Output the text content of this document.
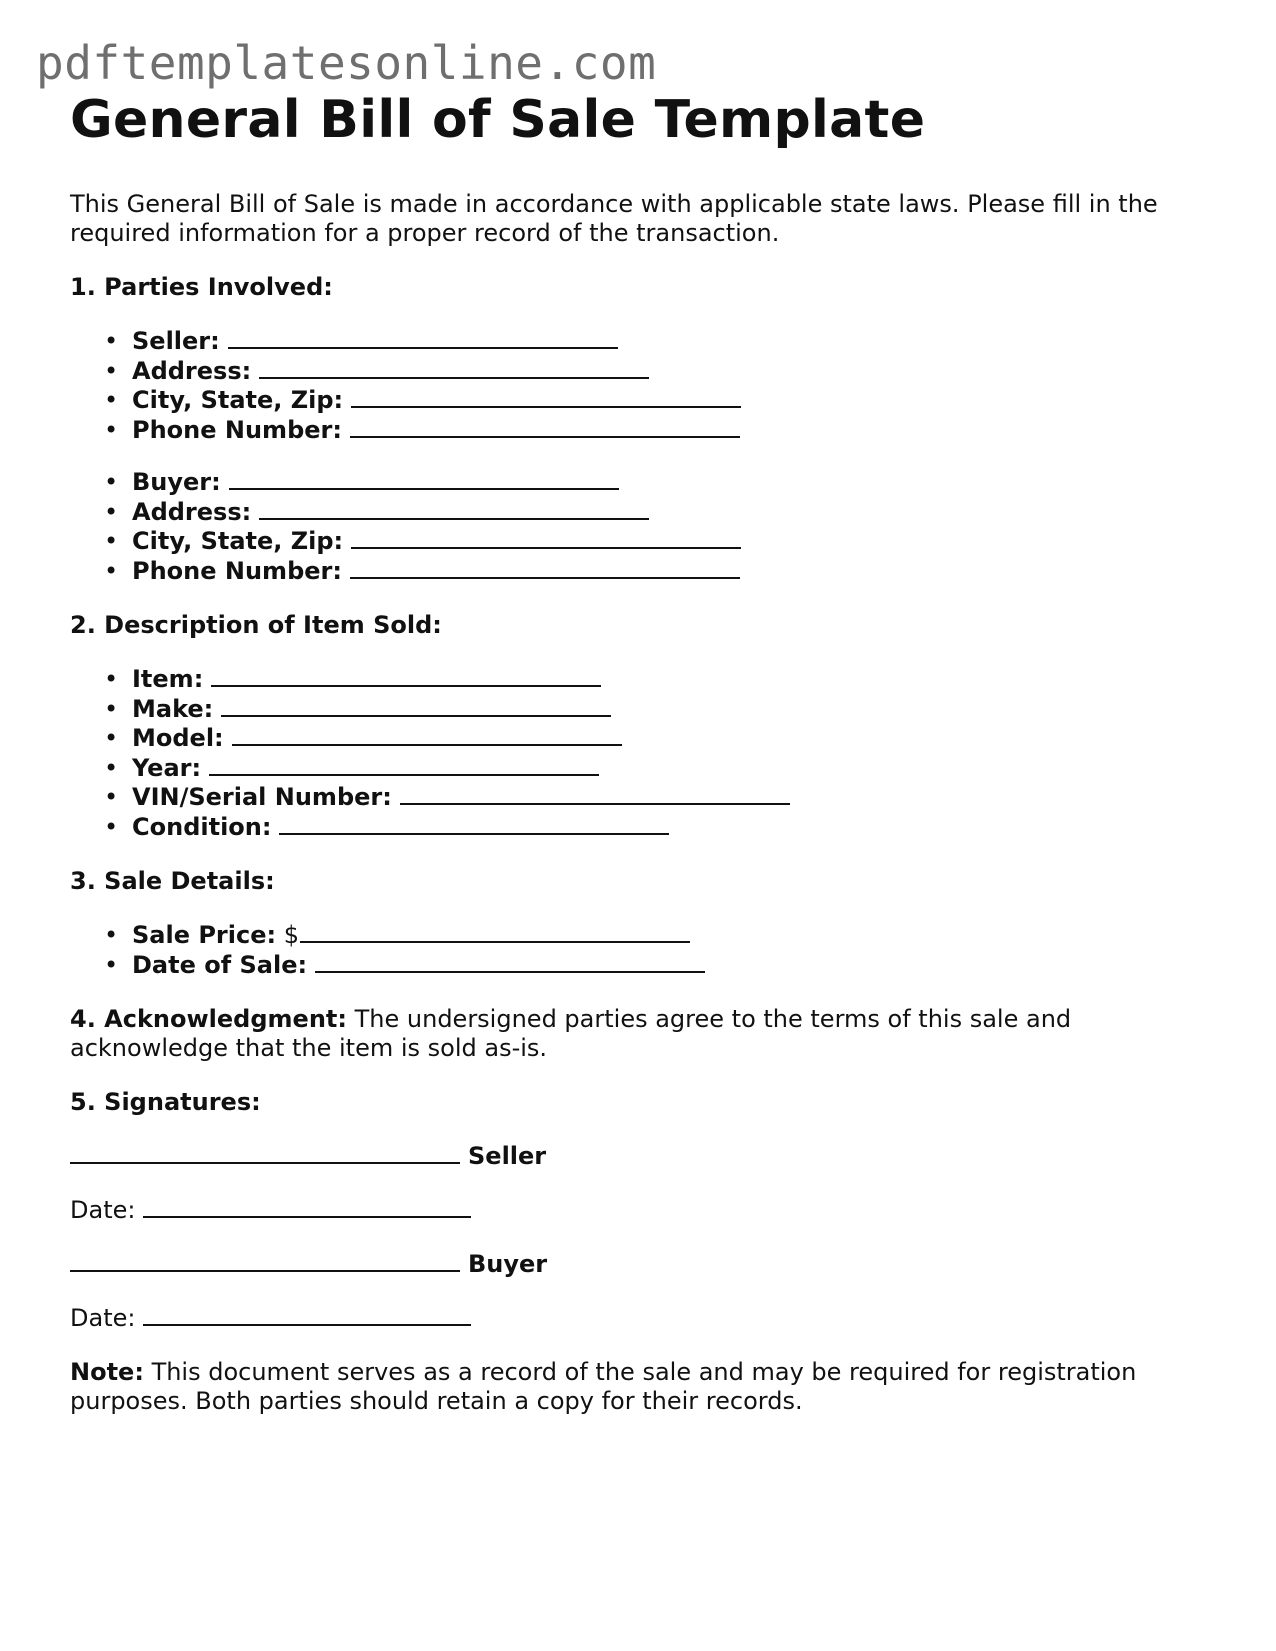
pdftemplatesonline.com
General Bill of Sale Template

This General Bill of Sale is made in accordance with applicable state laws. Please fill in the required information for a proper record of the transaction.

1. Parties Involved:

• Seller:
• Address:
• City, State, Zip:
• Phone Number:
• Buyer:
• Address:
• City, State, Zip:
• Phone Number:

2. Description of Item Sold:

• Item:
• Make:
• Model:
• Year:
• VIN/Serial Number:
• Condition:

3. Sale Details:

• Sale Price: $
• Date of Sale:

4. Acknowledgment: The undersigned parties agree to the terms of this sale and acknowledge that the item is sold as-is.

5. Signatures:

Seller

Date:

Buyer

Date:

Note: This document serves as a record of the sale and may be required for registration purposes. Both parties should retain a copy for their records.
